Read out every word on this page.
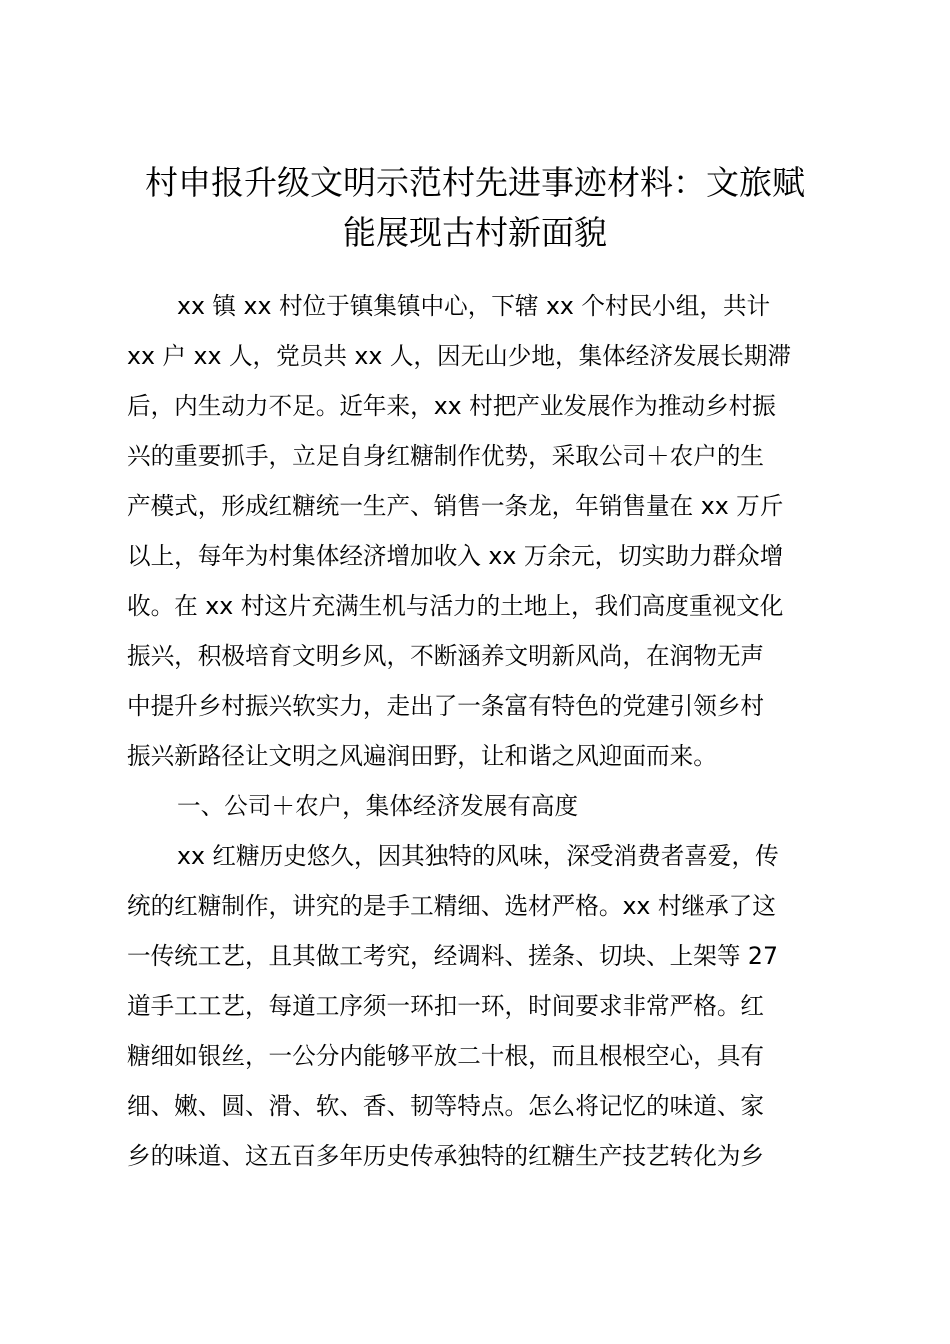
村申报升级文明示范村先进事迹材料：文旅赋
能展现古村新面貌
xx 镇 xx 村位于镇集镇中心，下辖 xx 个村民小组，共计
xx 户 xx 人，党员共 xx 人，因无山少地，集体经济发展长期滞
后，内生动力不足。近年来，xx 村把产业发展作为推动乡村振
兴的重要抓手，立足自身红糖制作优势，采取公司＋农户的生
产模式，形成红糖统一生产、销售一条龙，年销售量在 xx 万斤
以上，每年为村集体经济增加收入 xx 万余元，切实助力群众增
收。在 xx 村这片充满生机与活力的土地上，我们高度重视文化
振兴，积极培育文明乡风，不断涵养文明新风尚，在润物无声
中提升乡村振兴软实力，走出了一条富有特色的党建引领乡村
振兴新路径让文明之风遍润田野，让和谐之风迎面而来。
一、公司＋农户，集体经济发展有高度
xx 红糖历史悠久，因其独特的风味，深受消费者喜爱，传
统的红糖制作，讲究的是手工精细、选材严格。xx 村继承了这
一传统工艺，且其做工考究，经调料、搓条、切块、上架等 27
道手工工艺，每道工序须一环扣一环，时间要求非常严格。红
糖细如银丝，一公分内能够平放二十根，而且根根空心，具有
细、嫩、圆、滑、软、香、韧等特点。怎么将记忆的味道、家
乡的味道、这五百多年历史传承独特的红糖生产技艺转化为乡
